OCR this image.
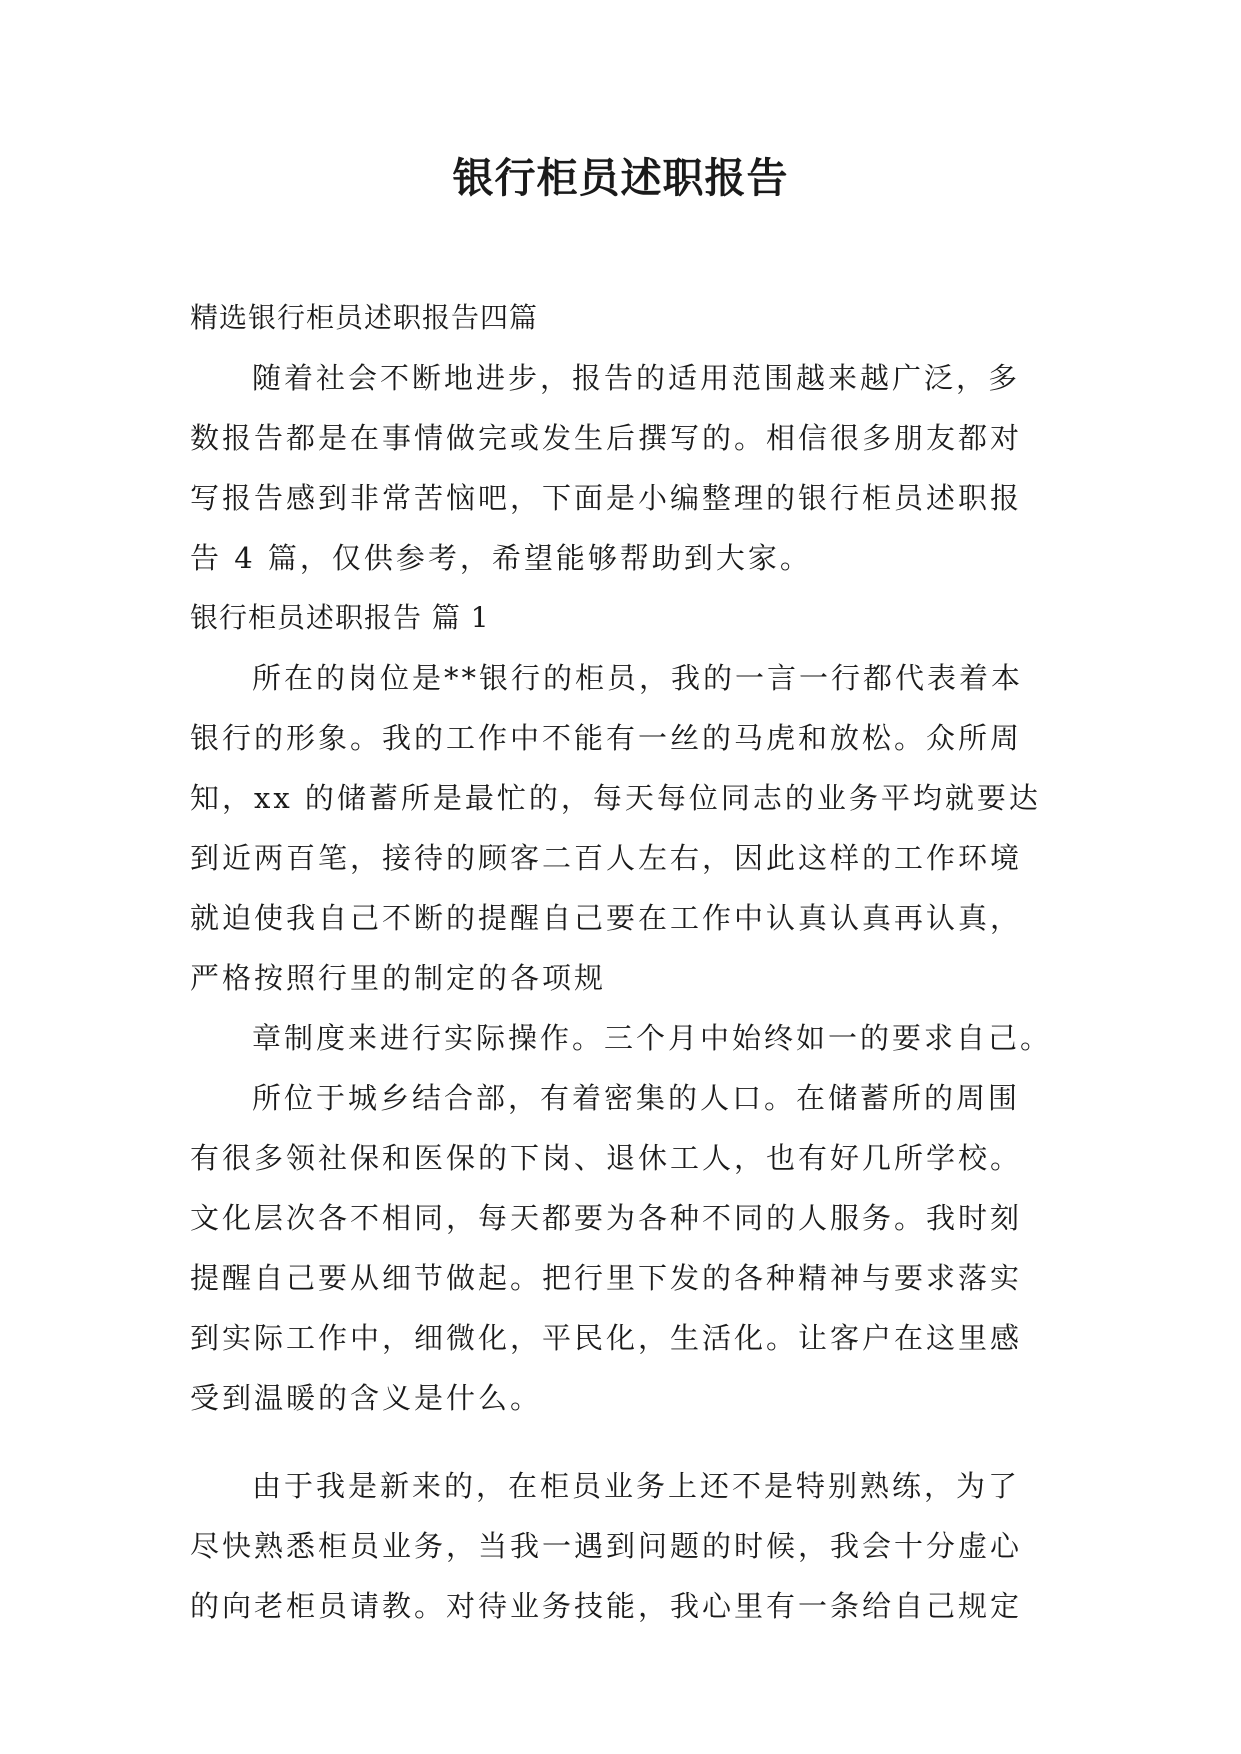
银行柜员述职报告
精选银行柜员述职报告四篇
随着社会不断地进步，报告的适用范围越来越广泛，多
数报告都是在事情做完或发生后撰写的。相信很多朋友都对
写报告感到非常苦恼吧，下面是小编整理的银行柜员述职报
告 4 篇，仅供参考，希望能够帮助到大家。
银行柜员述职报告 篇 1
所在的岗位是**银行的柜员，我的一言一行都代表着本
银行的形象。我的工作中不能有一丝的马虎和放松。众所周
知，xx 的储蓄所是最忙的，每天每位同志的业务平均就要达
到近两百笔，接待的顾客二百人左右，因此这样的工作环境
就迫使我自己不断的提醒自己要在工作中认真认真再认真，
严格按照行里的制定的各项规
章制度来进行实际操作。三个月中始终如一的要求自己。
所位于城乡结合部，有着密集的人口。在储蓄所的周围
有很多领社保和医保的下岗、退休工人，也有好几所学校。
文化层次各不相同，每天都要为各种不同的人服务。我时刻
提醒自己要从细节做起。把行里下发的各种精神与要求落实
到实际工作中，细微化，平民化，生活化。让客户在这里感
受到温暖的含义是什么。
由于我是新来的，在柜员业务上还不是特别熟练，为了
尽快熟悉柜员业务，当我一遇到问题的时候，我会十分虚心
的向老柜员请教。对待业务技能，我心里有一条给自己规定
